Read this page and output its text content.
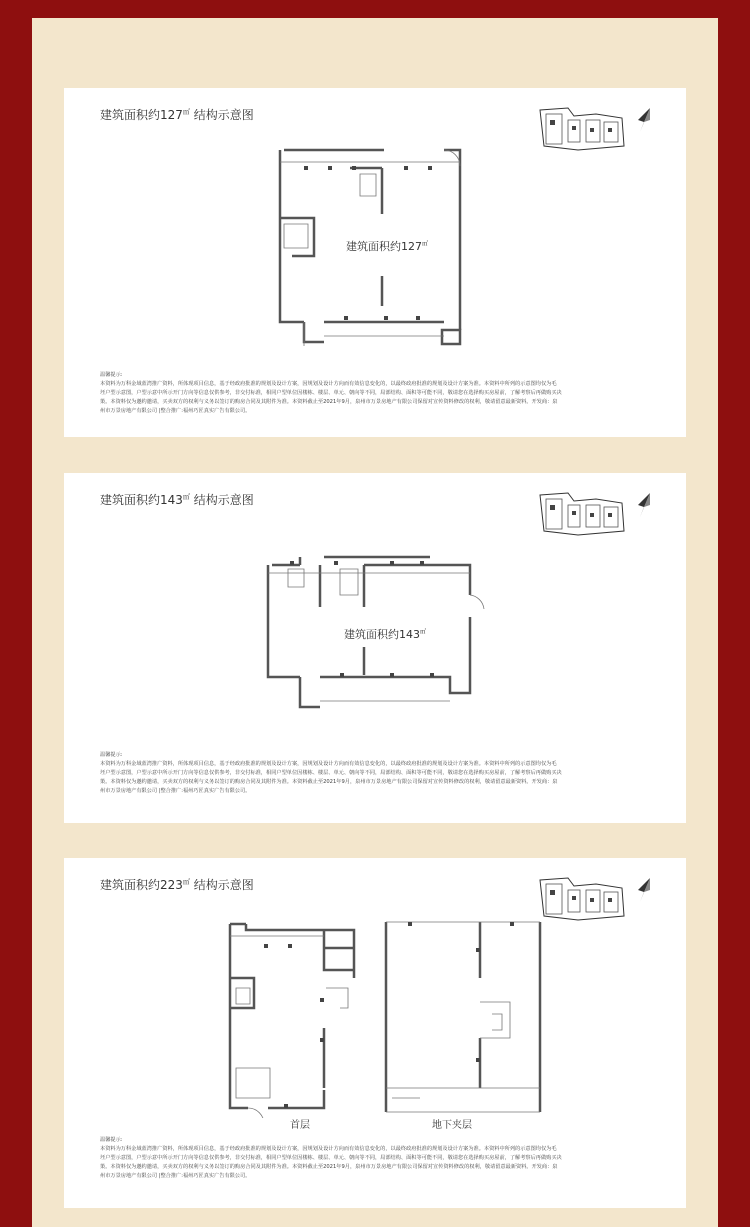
建筑面积约127㎡ 结构示意图
建筑面积约127㎡
温馨提示:
本资料为万科金域蓝湾推广资料，所体现项目信息，基于经政府批准的规划及设计方案，因规划及设计方向而有效信息变化的，以最终政府批准的规划及设计方案为准。本资料中所列的示意图均仅为毛
坯户型示意图，户型示意中所示开门方向等信息仅供参考，非交付标准，相同户型单位因楼栋、楼层、单元、朝向等不同，局部结构、面积等可能不同，敬请您在选择购买房屋前，了解考察后再做购买决
策。本资料仅为邀约邀请，买卖双方的权利与义务以签订的购房合同及其附件为准。本资料截止至2021年9月，泉州市万景房地产有限公司保留对宣传资料修改的权利，敬请留意最新资料。开发商：泉
州市万景房地产有限公司 |整合推广:福州巧匠真实广告有限公司。
建筑面积约143㎡ 结构示意图
建筑面积约143㎡
温馨提示:
本资料为万科金域蓝湾推广资料，所体现项目信息，基于经政府批准的规划及设计方案，因规划及设计方向而有效信息变化的，以最终政府批准的规划及设计方案为准。本资料中所列的示意图均仅为毛
坯户型示意图，户型示意中所示开门方向等信息仅供参考，非交付标准，相同户型单位因楼栋、楼层、单元、朝向等不同，局部结构、面积等可能不同，敬请您在选择购买房屋前，了解考察后再做购买决
策。本资料仅为邀约邀请，买卖双方的权利与义务以签订的购房合同及其附件为准。本资料截止至2021年9月，泉州市万景房地产有限公司保留对宣传资料修改的权利，敬请留意最新资料。开发商：泉
州市万景房地产有限公司 |整合推广:福州巧匠真实广告有限公司。
建筑面积约223㎡ 结构示意图
首层	地下夹层
温馨提示:
本资料为万科金域蓝湾推广资料，所体现项目信息，基于经政府批准的规划及设计方案，因规划及设计方向而有效信息变化的，以最终政府批准的规划及设计方案为准。本资料中所列的示意图均仅为毛
坯户型示意图，户型示意中所示开门方向等信息仅供参考，非交付标准，相同户型单位因楼栋、楼层、单元、朝向等不同，局部结构、面积等可能不同，敬请您在选择购买房屋前，了解考察后再做购买决
策。本资料仅为邀约邀请，买卖双方的权利与义务以签订的购房合同及其附件为准。本资料截止至2021年9月，泉州市万景房地产有限公司保留对宣传资料修改的权利，敬请留意最新资料。开发商：泉
州市万景房地产有限公司 |整合推广:福州巧匠真实广告有限公司。
